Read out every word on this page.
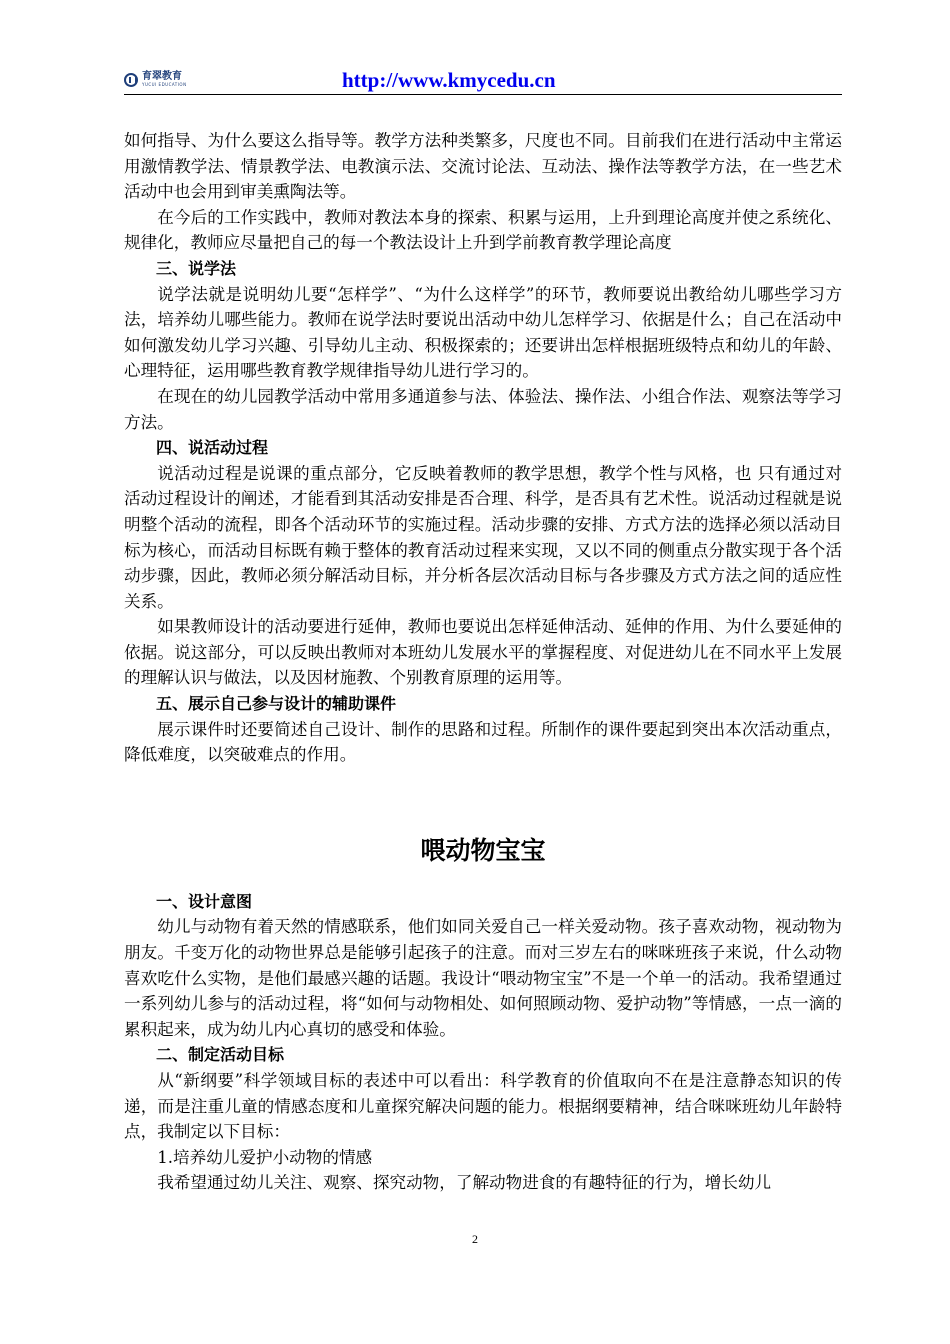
育翠教育
YUCUI EDUCATION	http://www.kmycedu.cn

如何指导、为什么要这么指导等。教学方法种类繁多，尺度也不同。目前我们在进行活动中主常运用激情教学法、情景教学法、电教演示法、交流讨论法、互动法、操作法等教学方法，在一些艺术活动中也会用到审美熏陶法等。

在今后的工作实践中，教师对教法本身的探索、积累与运用，上升到理论高度并使之系统化、规律化，教师应尽量把自己的每一个教法设计上升到学前教育教学理论高度

三、说学法

说学法就是说明幼儿要“怎样学”、“为什么这样学”的环节，教师要说出教给幼儿哪些学习方法，培养幼儿哪些能力。教师在说学法时要说出活动中幼儿怎样学习、依据是什么；自己在活动中如何激发幼儿学习兴趣、引导幼儿主动、积极探索的；还要讲出怎样根据班级特点和幼儿的年龄、心理特征，运用哪些教育教学规律指导幼儿进行学习的。

在现在的幼儿园教学活动中常用多通道参与法、体验法、操作法、小组合作法、观察法等学习方法。

四、说活动过程

说活动过程是说课的重点部分，它反映着教师的教学思想，教学个性与风格，也 只有通过对活动过程设计的阐述，才能看到其活动安排是否合理、科学，是否具有艺术性。说活动过程就是说明整个活动的流程，即各个活动环节的实施过程。活动步骤的安排、方式方法的选择必须以活动目标为核心，而活动目标既有赖于整体的教育活动过程来实现，又以不同的侧重点分散实现于各个活动步骤，因此，教师必须分解活动目标，并分析各层次活动目标与各步骤及方式方法之间的适应性关系。

如果教师设计的活动要进行延伸，教师也要说出怎样延伸活动、延伸的作用、为什么要延伸的依据。说这部分，可以反映出教师对本班幼儿发展水平的掌握程度、对促进幼儿在不同水平上发展的理解认识与做法，以及因材施教、个别教育原理的运用等。

五、展示自己参与设计的辅助课件

展示课件时还要简述自己设计、制作的思路和过程。所制作的课件要起到突出本次活动重点，降低难度，以突破难点的作用。

喂动物宝宝

一、设计意图

幼儿与动物有着天然的情感联系，他们如同关爱自己一样关爱动物。孩子喜欢动物，视动物为朋友。千变万化的动物世界总是能够引起孩子的注意。而对三岁左右的咪咪班孩子来说，什么动物喜欢吃什么实物，是他们最感兴趣的话题。我设计“喂动物宝宝”不是一个单一的活动。我希望通过一系列幼儿参与的活动过程，将“如何与动物相处、如何照顾动物、爱护动物”等情感，一点一滴的累积起来，成为幼儿内心真切的感受和体验。

二、制定活动目标

从“新纲要”科学领域目标的表述中可以看出：科学教育的价值取向不在是注意静态知识的传递，而是注重儿童的情感态度和儿童探究解决问题的能力。根据纲要精神，结合咪咪班幼儿年龄特点，我制定以下目标：

1.培养幼儿爱护小动物的情感

我希望通过幼儿关注、观察、探究动物，了解动物进食的有趣特征的行为，增长幼儿

2
